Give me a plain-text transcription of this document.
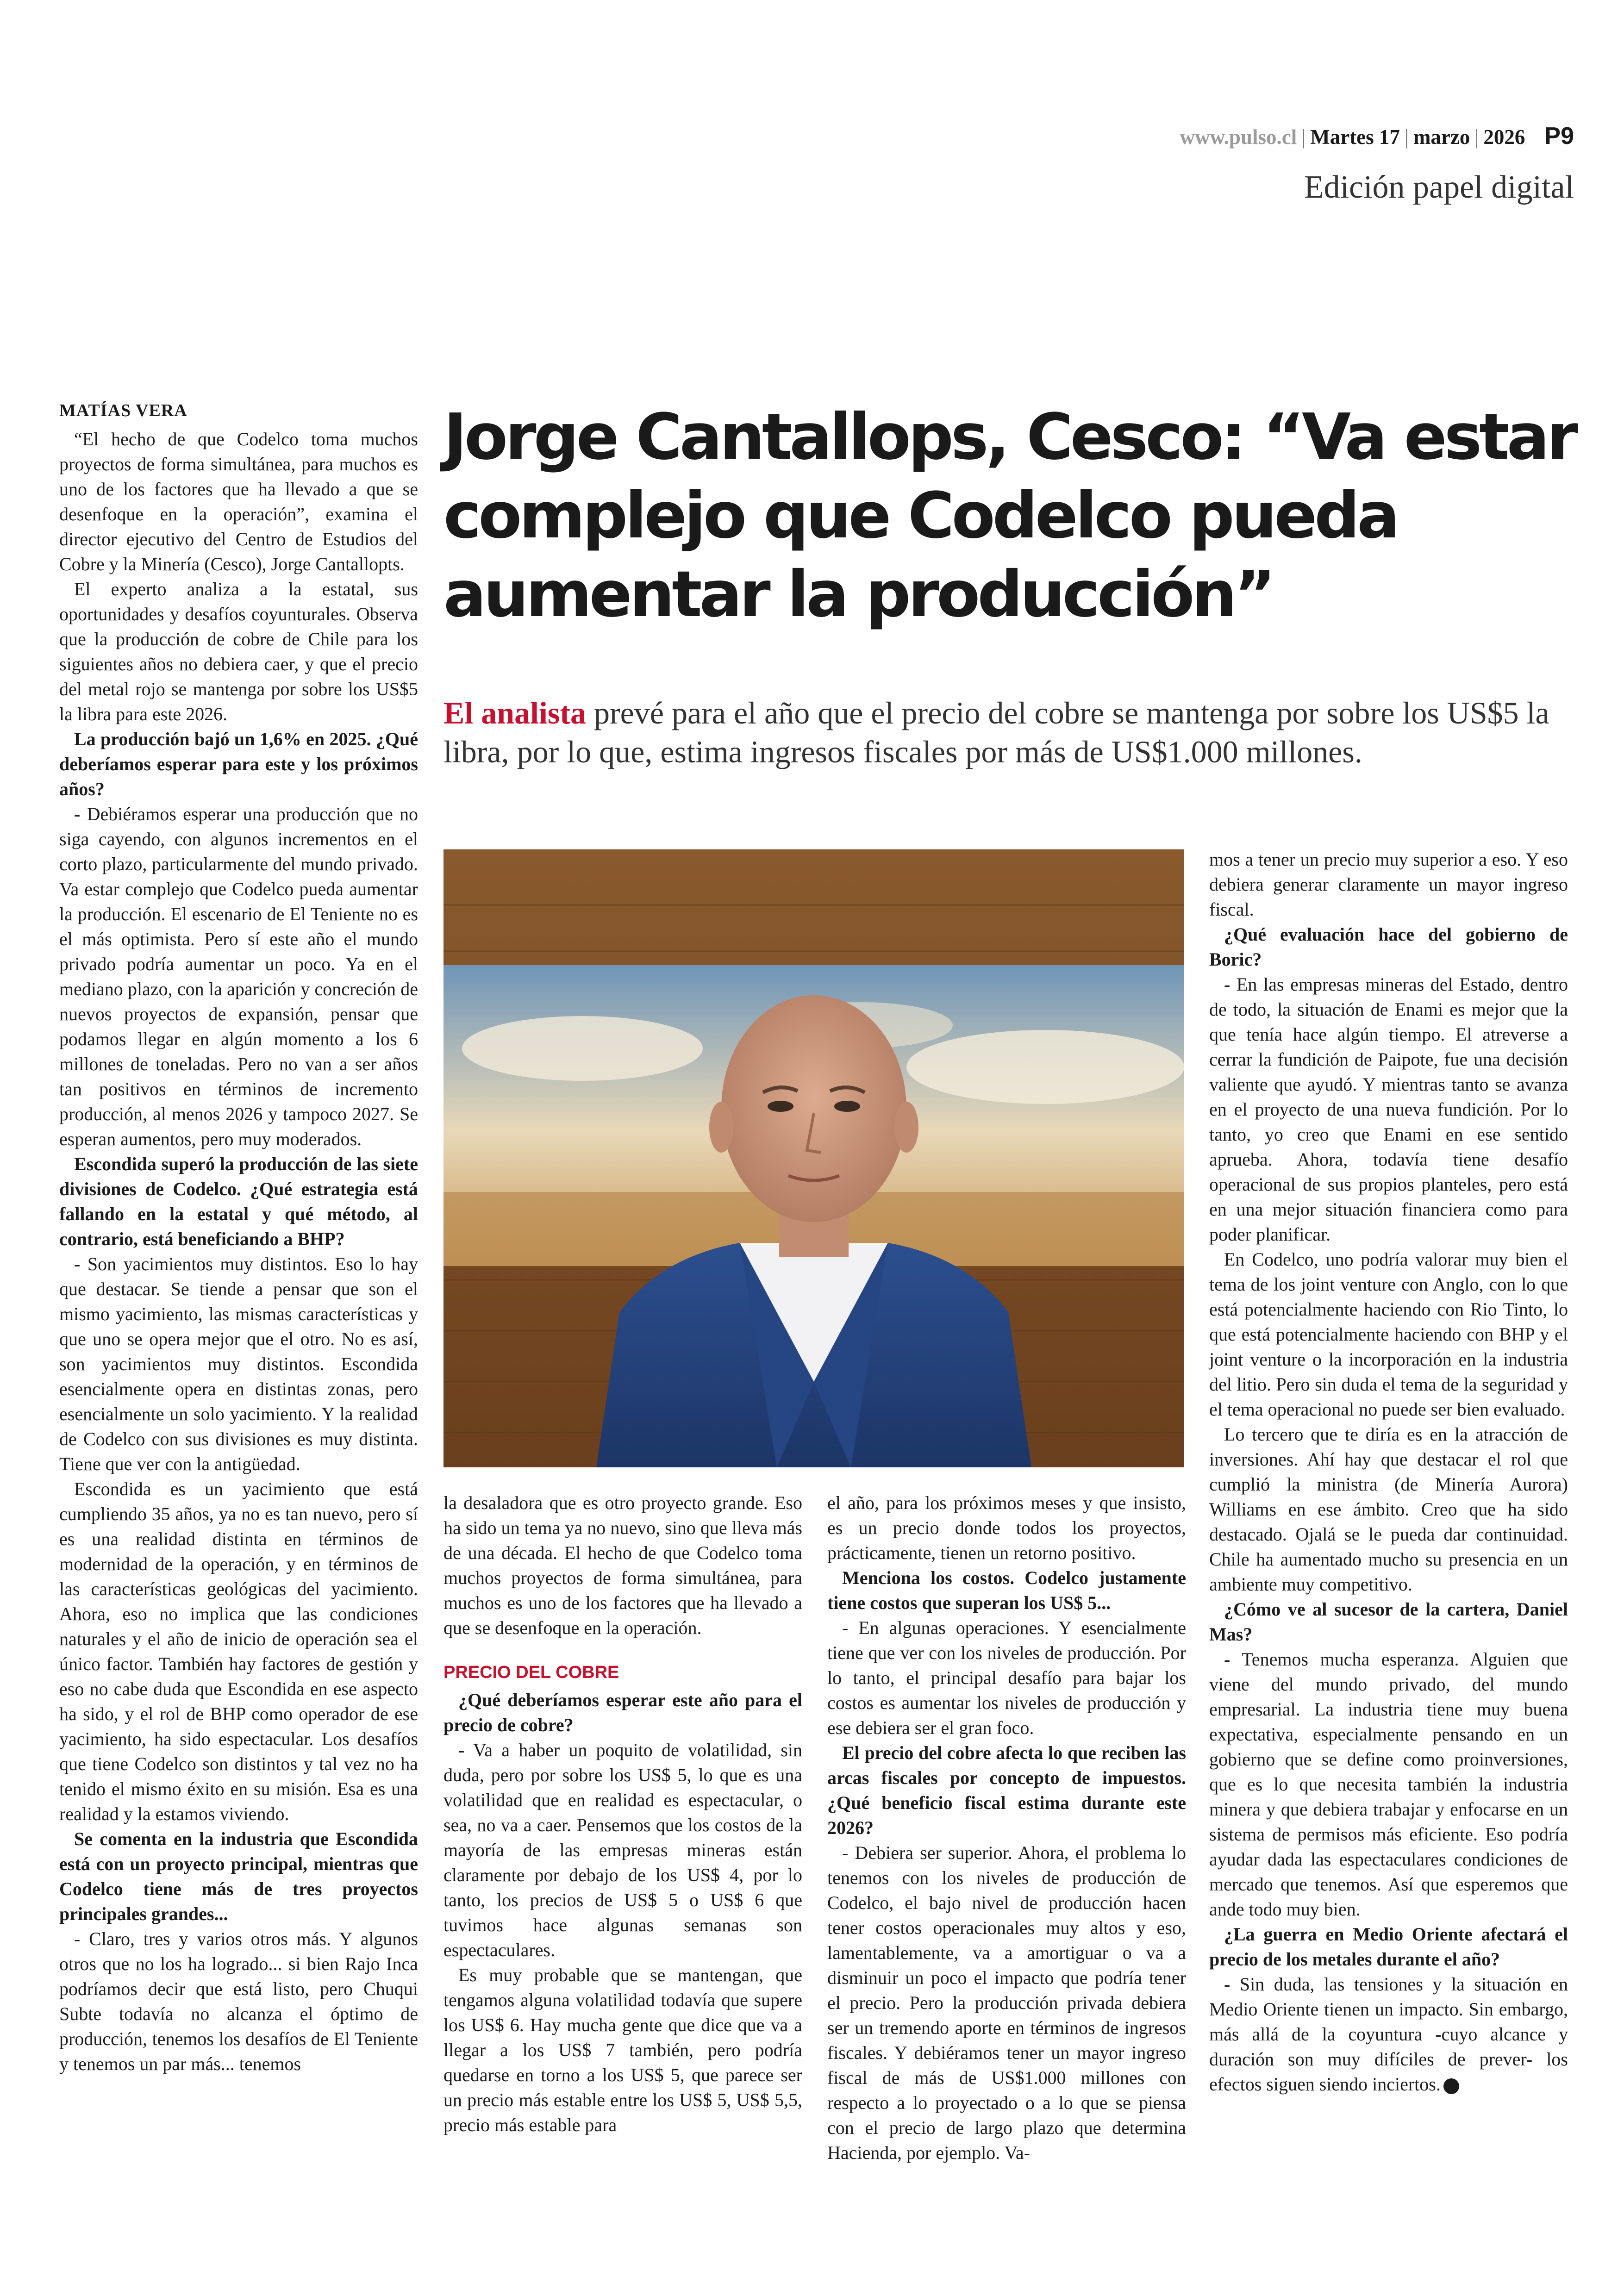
www.pulso.cl | Martes 17 | marzo | 2026 P9
Edición papel digital
Jorge Cantallops, Cesco: “Va estar complejo que Codelco pueda aumentar la producción”
El analista prevé para el año que el precio del cobre se mantenga por sobre los US$5 la libra, por lo que, estima ingresos fiscales por más de US$1.000 millones.
MATÍAS VERA

“El hecho de que Codelco toma muchos proyectos de forma simultánea, para muchos es uno de los factores que ha llevado a que se desenfoque en la operación”, examina el director ejecutivo del Centro de Estudios del Cobre y la Minería (Cesco), Jorge Cantallopts.

El experto analiza a la estatal, sus oportunidades y desafíos coyunturales. Observa que la producción de cobre de Chile para los siguientes años no debiera caer, y que el precio del metal rojo se mantenga por sobre los US$5 la libra para este 2026.

La producción bajó un 1,6% en 2025. ¿Qué deberíamos esperar para este y los próximos años?

- Debiéramos esperar una producción que no siga cayendo, con algunos incrementos en el corto plazo, particularmente del mundo privado. Va estar complejo que Codelco pueda aumentar la producción. El escenario de El Teniente no es el más optimista. Pero sí este año el mundo privado podría aumentar un poco. Ya en el mediano plazo, con la aparición y concreción de nuevos proyectos de expansión, pensar que podamos llegar en algún momento a los 6 millones de toneladas. Pero no van a ser años tan positivos en términos de incremento producción, al menos 2026 y tampoco 2027. Se esperan aumentos, pero muy moderados.

Escondida superó la producción de las siete divisiones de Codelco. ¿Qué estrategia está fallando en la estatal y qué método, al contrario, está beneficiando a BHP?

- Son yacimientos muy distintos. Eso lo hay que destacar. Se tiende a pensar que son el mismo yacimiento, las mismas características y que uno se opera mejor que el otro. No es así, son yacimientos muy distintos. Escondida esencialmente opera en distintas zonas, pero esencialmente un solo yacimiento. Y la realidad de Codelco con sus divisiones es muy distinta. Tiene que ver con la antigüedad.

Escondida es un yacimiento que está cumpliendo 35 años, ya no es tan nuevo, pero sí es una realidad distinta en términos de modernidad de la operación, y en términos de las características geológicas del yacimiento. Ahora, eso no implica que las condiciones naturales y el año de inicio de operación sea el único factor. También hay factores de gestión y eso no cabe duda que Escondida en ese aspecto ha sido, y el rol de BHP como operador de ese yacimiento, ha sido espectacular. Los desafíos que tiene Codelco son distintos y tal vez no ha tenido el mismo éxito en su misión. Esa es una realidad y la estamos viviendo.

Se comenta en la industria que Escondida está con un proyecto principal, mientras que Codelco tiene más de tres proyectos principales grandes...

- Claro, tres y varios otros más. Y algunos otros que no los ha logrado... si bien Rajo Inca podríamos decir que está listo, pero Chuqui Subte todavía no alcanza el óptimo de producción, tenemos los desafíos de El Teniente y tenemos un par más... tenemos

la desaladora que es otro proyecto grande. Eso ha sido un tema ya no nuevo, sino que lleva más de una década. El hecho de que Codelco toma muchos proyectos de forma simultánea, para muchos es uno de los factores que ha llevado a que se desenfoque en la operación.

PRECIO DEL COBRE

¿Qué deberíamos esperar este año para el precio de cobre?

- Va a haber un poquito de volatilidad, sin duda, pero por sobre los US$ 5, lo que es una volatilidad que en realidad es espectacular, o sea, no va a caer. Pensemos que los costos de la mayoría de las empresas mineras están claramente por debajo de los US$ 4, por lo tanto, los precios de US$ 5 o US$ 6 que tuvimos hace algunas semanas son espectaculares.

Es muy probable que se mantengan, que tengamos alguna volatilidad todavía que supere los US$ 6. Hay mucha gente que dice que va a llegar a los US$ 7 también, pero podría quedarse en torno a los US$ 5, que parece ser un precio más estable entre los US$ 5, US$ 5,5, precio más estable para

el año, para los próximos meses y que insisto, es un precio donde todos los proyectos, prácticamente, tienen un retorno positivo.

Menciona los costos. Codelco justamente tiene costos que superan los US$ 5...

- En algunas operaciones. Y esencialmente tiene que ver con los niveles de producción. Por lo tanto, el principal desafío para bajar los costos es aumentar los niveles de producción y ese debiera ser el gran foco.

El precio del cobre afecta lo que reciben las arcas fiscales por concepto de impuestos. ¿Qué beneficio fiscal estima durante este 2026?

- Debiera ser superior. Ahora, el problema lo tenemos con los niveles de producción de Codelco, el bajo nivel de producción hacen tener costos operacionales muy altos y eso, lamentablemente, va a amortiguar o va a disminuir un poco el impacto que podría tener el precio. Pero la producción privada debiera ser un tremendo aporte en términos de ingresos fiscales. Y debiéramos tener un mayor ingreso fiscal de más de US$1.000 millones con respecto a lo proyectado o a lo que se piensa con el precio de largo plazo que determina Hacienda, por ejemplo. Va-

mos a tener un precio muy superior a eso. Y eso debiera generar claramente un mayor ingreso fiscal.

¿Qué evaluación hace del gobierno de Boric?

- En las empresas mineras del Estado, dentro de todo, la situación de Enami es mejor que la que tenía hace algún tiempo. El atreverse a cerrar la fundición de Paipote, fue una decisión valiente que ayudó. Y mientras tanto se avanza en el proyecto de una nueva fundición. Por lo tanto, yo creo que Enami en ese sentido aprueba. Ahora, todavía tiene desafío operacional de sus propios planteles, pero está en una mejor situación financiera como para poder planificar.

En Codelco, uno podría valorar muy bien el tema de los joint venture con Anglo, con lo que está potencialmente haciendo con Rio Tinto, lo que está potencialmente haciendo con BHP y el joint venture o la incorporación en la industria del litio. Pero sin duda el tema de la seguridad y el tema operacional no puede ser bien evaluado.

Lo tercero que te diría es en la atracción de inversiones. Ahí hay que destacar el rol que cumplió la ministra (de Minería Aurora) Williams en ese ámbito. Creo que ha sido destacado. Ojalá se le pueda dar continuidad. Chile ha aumentado mucho su presencia en un ambiente muy competitivo.

¿Cómo ve al sucesor de la cartera, Daniel Mas?

- Tenemos mucha esperanza. Alguien que viene del mundo privado, del mundo empresarial. La industria tiene muy buena expectativa, especialmente pensando en un gobierno que se define como proinversiones, que es lo que necesita también la industria minera y que debiera trabajar y enfocarse en un sistema de permisos más eficiente. Eso podría ayudar dada las espectaculares condiciones de mercado que tenemos. Así que esperemos que ande todo muy bien.

¿La guerra en Medio Oriente afectará el precio de los metales durante el año?

- Sin duda, las tensiones y la situación en Medio Oriente tienen un impacto. Sin embargo, más allá de la coyuntura -cuyo alcance y duración son muy difíciles de prever- los efectos siguen siendo inciertos.
